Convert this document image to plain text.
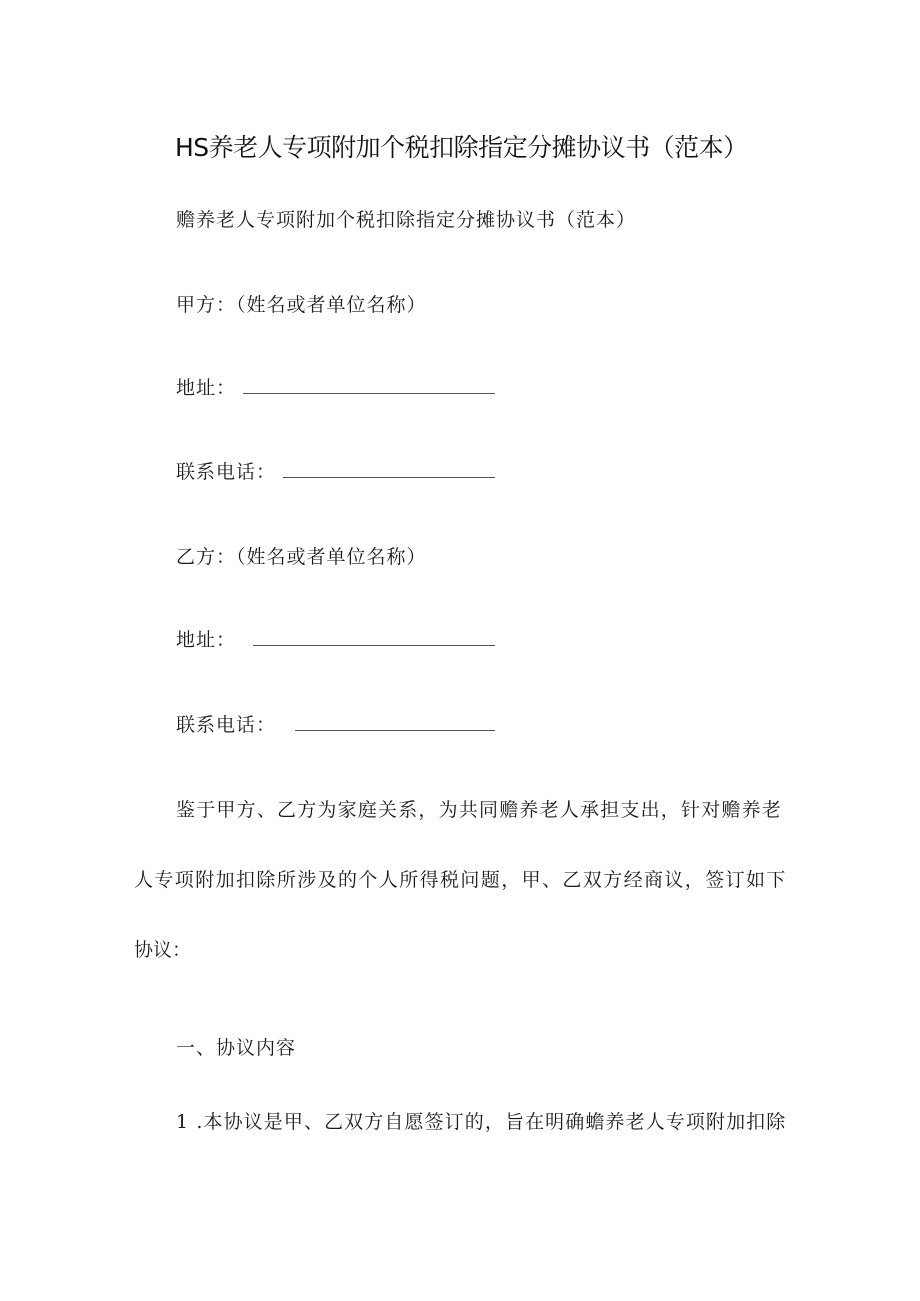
HS养老人专项附加个税扣除指定分摊协议书（范本）
赡养老人专项附加个税扣除指定分摊协议书（范本）
甲方：（姓名或者单位名称）
地址：
联系电话：
乙方：（姓名或者单位名称）
地址：
联系电话：
鉴于甲方、乙方为家庭关系，为共同赡养老人承担支出，针对赡养老
人专项附加扣除所涉及的个人所得税问题，甲、乙双方经商议，签订如下
协议：
一、协议内容
1 .本协议是甲、乙双方自愿签订的，旨在明确蟾养老人专项附加扣除
